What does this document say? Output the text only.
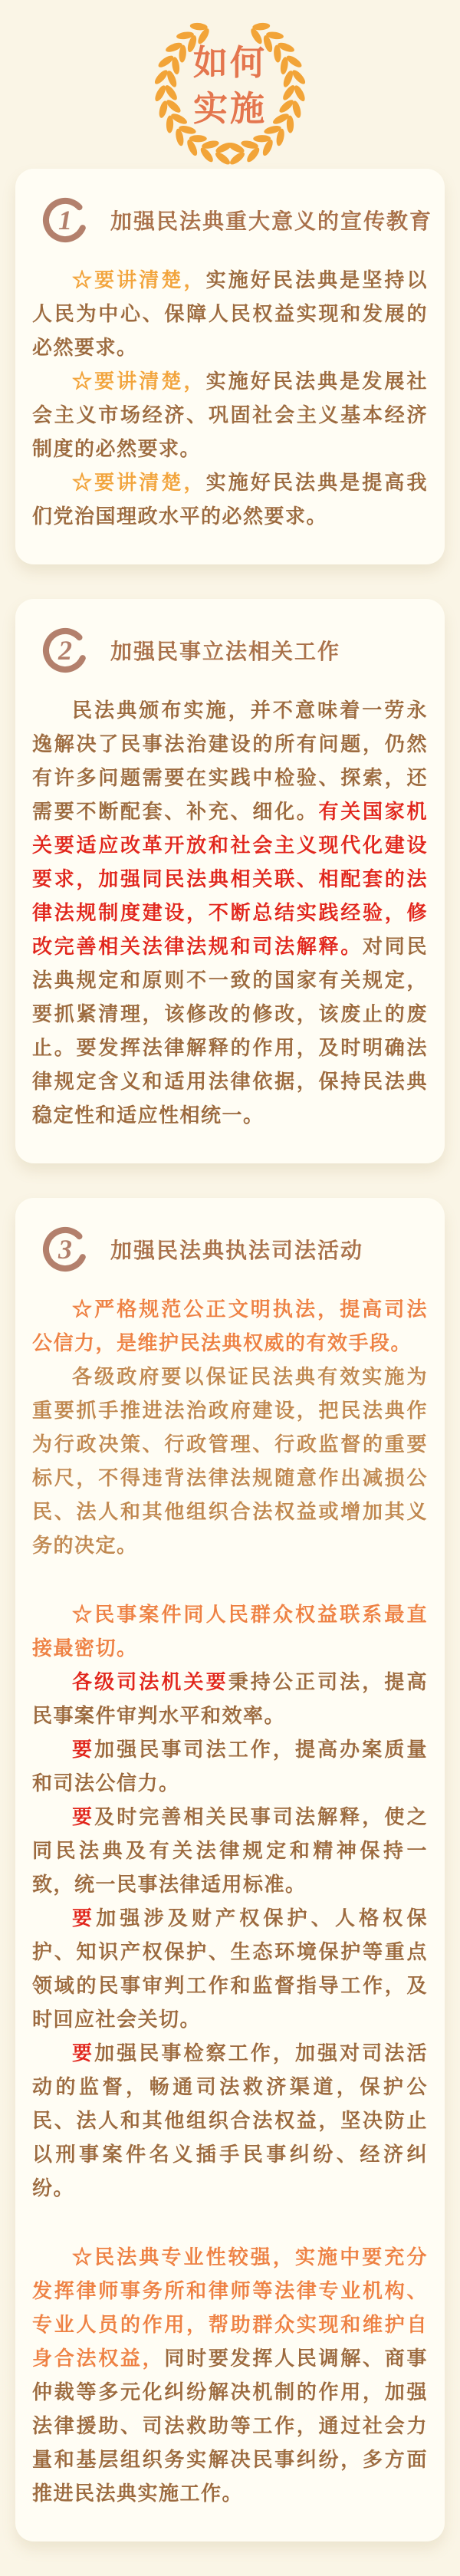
如何
实施
1 加强民法典重大意义的宣传教育

☆要讲清楚，实施好民法典是坚持以人民为中心、保障人民权益实现和发展的必然要求。

☆要讲清楚，实施好民法典是发展社会主义市场经济、巩固社会主义基本经济制度的必然要求。

☆要讲清楚，实施好民法典是提高我们党治国理政水平的必然要求。

2 加强民事立法相关工作

民法典颁布实施，并不意味着一劳永逸解决了民事法治建设的所有问题，仍然有许多问题需要在实践中检验、探索，还需要不断配套、补充、细化。有关国家机关要适应改革开放和社会主义现代化建设要求，加强同民法典相关联、相配套的法律法规制度建设，不断总结实践经验，修改完善相关法律法规和司法解释。对同民法典规定和原则不一致的国家有关规定，要抓紧清理，该修改的修改，该废止的废止。要发挥法律解释的作用，及时明确法律规定含义和适用法律依据，保持民法典稳定性和适应性相统一。

3 加强民法典执法司法活动

☆严格规范公正文明执法，提高司法公信力，是维护民法典权威的有效手段。

各级政府要以保证民法典有效实施为重要抓手推进法治政府建设，把民法典作为行政决策、行政管理、行政监督的重要标尺，不得违背法律法规随意作出减损公民、法人和其他组织合法权益或增加其义务的决定。

☆民事案件同人民群众权益联系最直接最密切。

各级司法机关要秉持公正司法，提高民事案件审判水平和效率。

要加强民事司法工作，提高办案质量和司法公信力。

要及时完善相关民事司法解释，使之同民法典及有关法律规定和精神保持一致，统一民事法律适用标准。

要加强涉及财产权保护、人格权保护、知识产权保护、生态环境保护等重点领域的民事审判工作和监督指导工作，及时回应社会关切。

要加强民事检察工作，加强对司法活动的监督，畅通司法救济渠道，保护公民、法人和其他组织合法权益，坚决防止以刑事案件名义插手民事纠纷、经济纠纷。

☆民法典专业性较强，实施中要充分发挥律师事务所和律师等法律专业机构、专业人员的作用，帮助群众实现和维护自身合法权益，同时要发挥人民调解、商事仲裁等多元化纠纷解决机制的作用，加强法律援助、司法救助等工作，通过社会力量和基层组织务实解决民事纠纷，多方面推进民法典实施工作。
